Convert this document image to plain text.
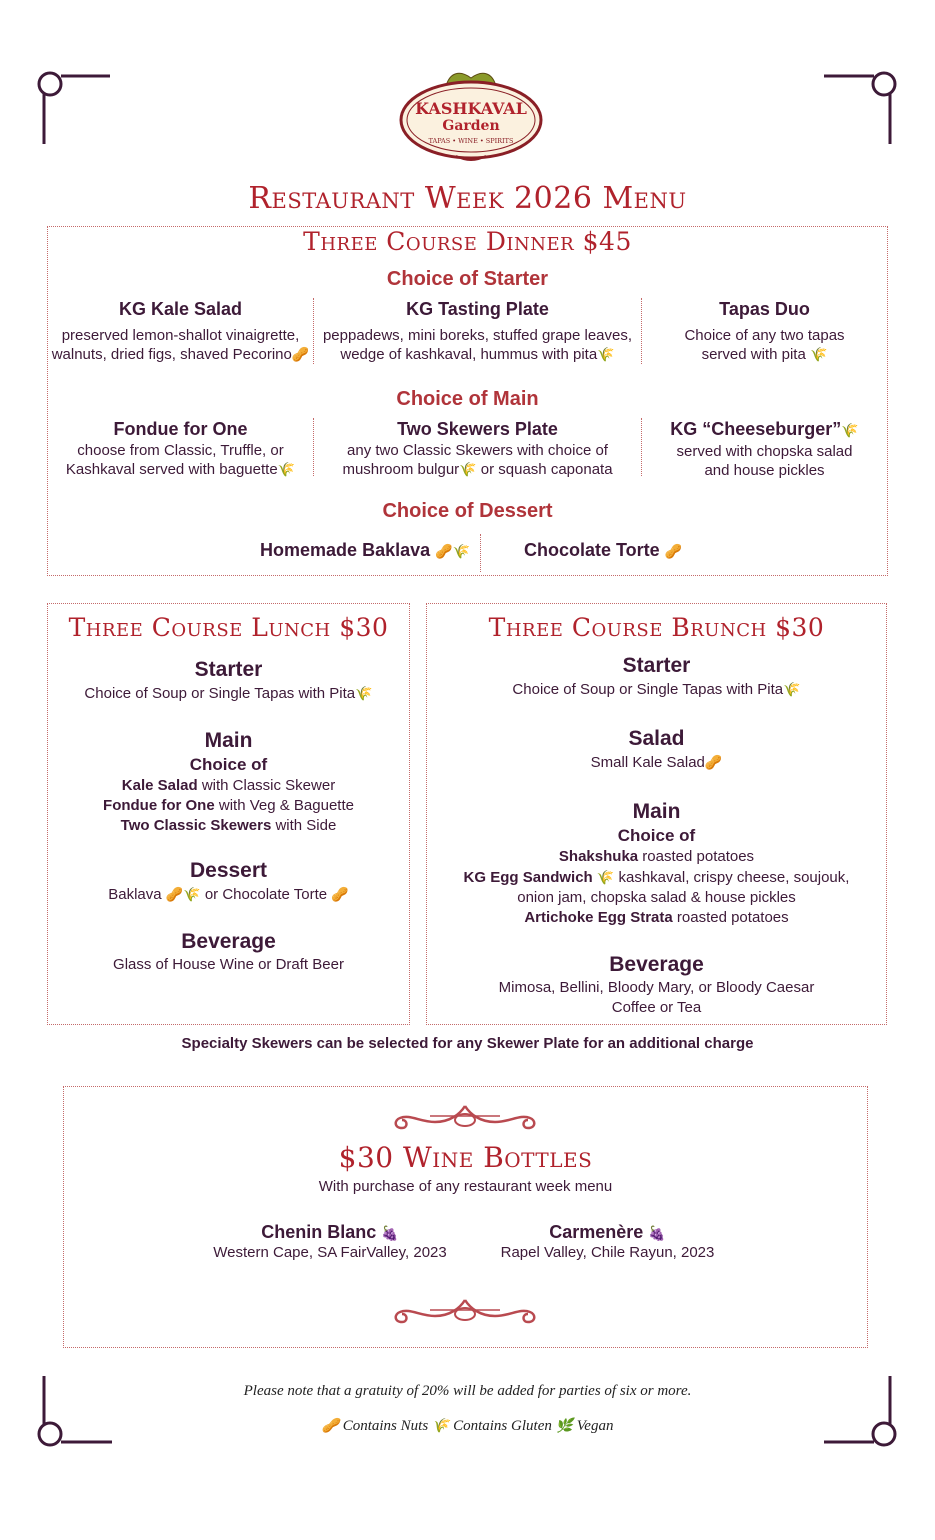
KASHKAVAL
Garden
TAPAS • WINE • SPIRITS
Restaurant Week 2026 Menu
Three Course Dinner $45
Choice of Starter
KG Kale Salad
preserved lemon-shallot vinaigrette,
walnuts, dried figs, shaved Pecorino🥜
KG Tasting Plate
peppadews, mini boreks, stuffed grape leaves,
wedge of kashkaval, hummus with pita🌾
Tapas Duo
Choice of any two tapas
served with pita 🌾
Choice of Main
Fondue for One
choose from Classic, Truffle, or
Kashkaval served with baguette🌾
Two Skewers Plate
any two Classic Skewers with choice of
mushroom bulgur🌾 or squash caponata
KG “Cheeseburger”🌾
served with chopska salad
and house pickles
Choice of Dessert
Homemade Baklava 🥜🌾	Chocolate Torte 🥜
Three Course Lunch $30
Starter
Choice of Soup or Single Tapas with Pita🌾
Main
Choice of
Kale Salad with Classic Skewer
Fondue for One with Veg & Baguette
Two Classic Skewers with Side
Dessert
Baklava 🥜🌾 or Chocolate Torte 🥜
Beverage
Glass of House Wine or Draft Beer
Three Course Brunch $30
Starter
Choice of Soup or Single Tapas with Pita🌾
Salad
Small Kale Salad🥜
Main
Choice of
Shakshuka roasted potatoes
KG Egg Sandwich 🌾 kashkaval, crispy cheese, soujouk,
onion jam, chopska salad & house pickles
Artichoke Egg Strata roasted potatoes
Beverage
Mimosa, Bellini, Bloody Mary, or Bloody Caesar
Coffee or Tea
Specialty Skewers can be selected for any Skewer Plate for an additional charge
$30 Wine Bottles
With purchase of any restaurant week menu
Chenin Blanc 🍇
Western Cape, SA FairValley, 2023
Carmenère 🍇
Rapel Valley, Chile Rayun, 2023
Please note that a gratuity of 20% will be added for parties of six or more.
🥜 Contains Nuts 🌾 Contains Gluten 🌿 Vegan
